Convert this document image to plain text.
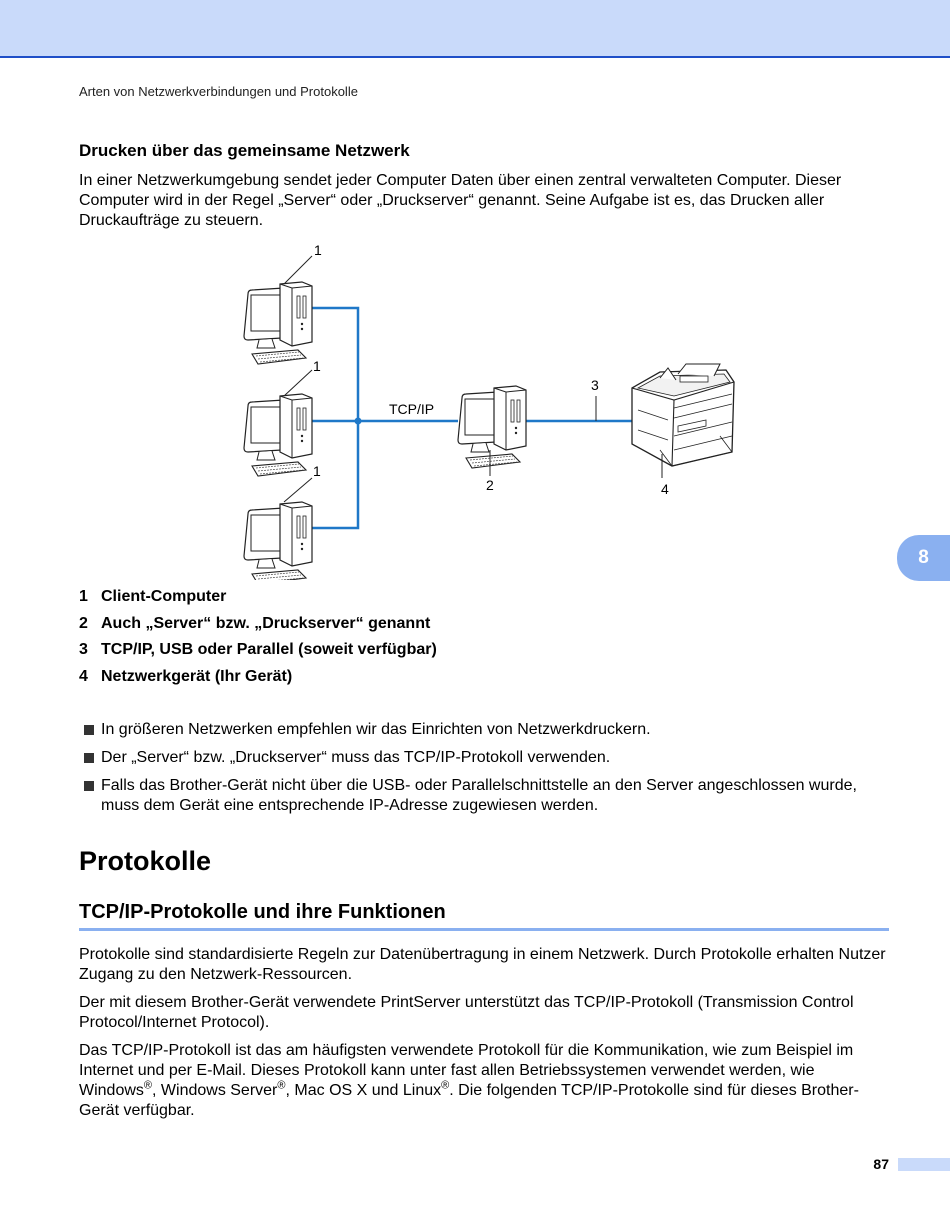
Arten von Netzwerkverbindungen und Protokolle
Drucken über das gemeinsame Netzwerk
In einer Netzwerkumgebung sendet jeder Computer Daten über einen zentral verwalteten Computer. Dieser Computer wird in der Regel „Server“ oder „Druckserver“ genannt. Seine Aufgabe ist es, das Drucken aller Druckaufträge zu steuern.
1
1
1
2
3
4
TCP/IP
1 Client-Computer
2 Auch „Server“ bzw. „Druckserver“ genannt
3 TCP/IP, USB oder Parallel (soweit verfügbar)
4 Netzwerkgerät (Ihr Gerät)
In größeren Netzwerken empfehlen wir das Einrichten von Netzwerkdruckern.
Der „Server“ bzw. „Druckserver“ muss das TCP/IP-Protokoll verwenden.
Falls das Brother-Gerät nicht über die USB- oder Parallelschnittstelle an den Server angeschlossen wurde, muss dem Gerät eine entsprechende IP-Adresse zugewiesen werden.
Protokolle
TCP/IP-Protokolle und ihre Funktionen
Protokolle sind standardisierte Regeln zur Datenübertragung in einem Netzwerk. Durch Protokolle erhalten Nutzer Zugang zu den Netzwerk-Ressourcen.
Der mit diesem Brother-Gerät verwendete PrintServer unterstützt das TCP/IP-Protokoll (Transmission Control Protocol/Internet Protocol).
Das TCP/IP-Protokoll ist das am häufigsten verwendete Protokoll für die Kommunikation, wie zum Beispiel im Internet und per E-Mail. Dieses Protokoll kann unter fast allen Betriebssystemen verwendet werden, wie Windows®, Windows Server®, Mac OS X und Linux®. Die folgenden TCP/IP-Protokolle sind für dieses Brother-Gerät verfügbar.
8
87
